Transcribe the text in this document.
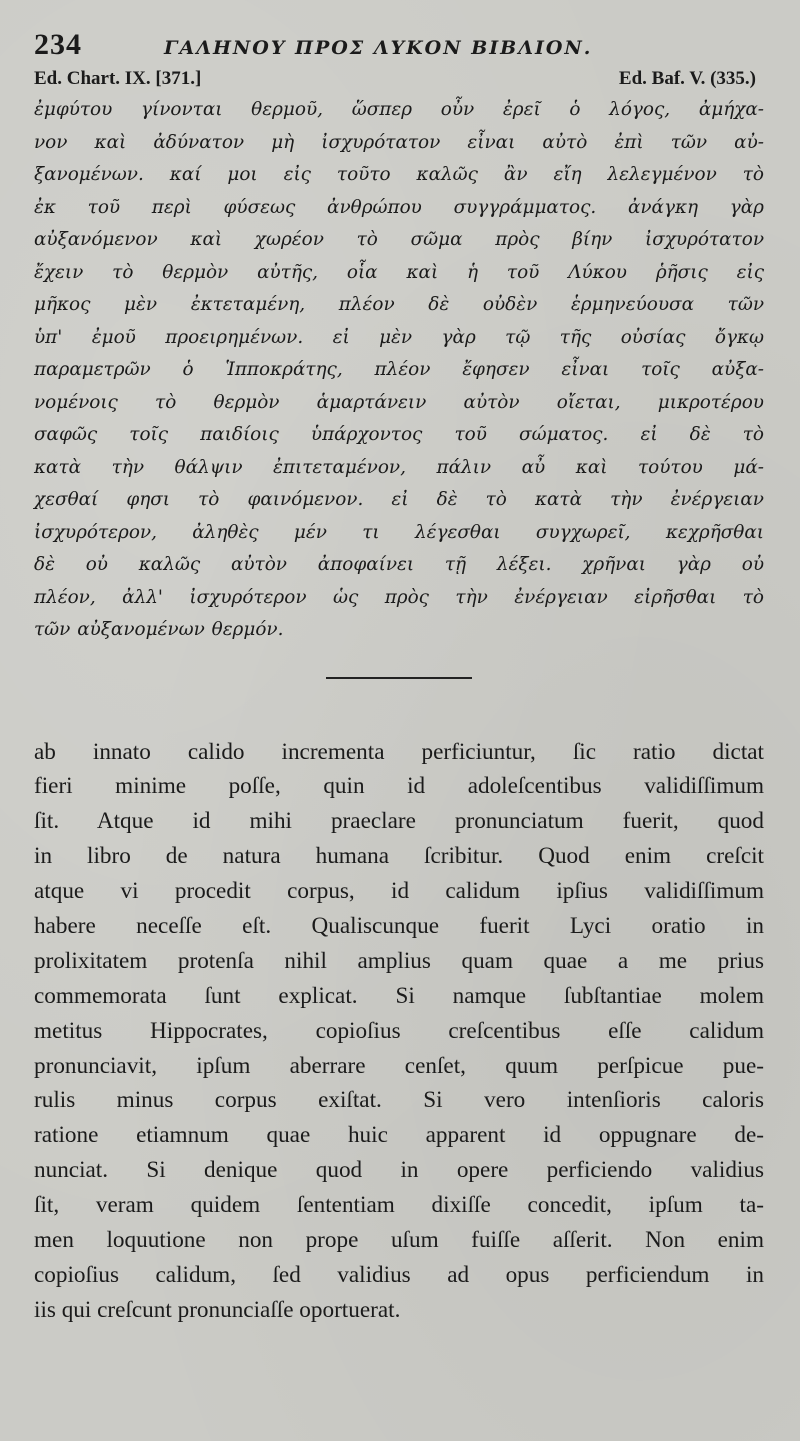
234	ΓΑΛΗΝΟΥ ΠΡΟΣ ΛΥΚΟΝ ΒΙΒΛΙΟΝ.
Ed. Chart. IX. [371.]	Ed. Baf. V. (335.)
ἐμφύτου γίνονται θερμοῦ, ὥσπερ οὖν ἐρεῖ ὁ λόγος, ἀμήχα-
νον καὶ ἀδύνατον μὴ ἰσχυρότατον εἶναι αὐτὸ ἐπὶ τῶν αὐ-
ξανομένων. καί μοι εἰς τοῦτο καλῶς ἂν εἴη λελεγμένον τὸ
ἐκ τοῦ περὶ φύσεως ἀνθρώπου συγγράμματος. ἀνάγκη γὰρ
αὐξανόμενον καὶ χωρέον τὸ σῶμα πρὸς βίην ἰσχυρότατον
ἔχειν τὸ θερμὸν αὐτῆς, οἷα καὶ ἡ τοῦ Λύκου ῥῆσις εἰς
μῆκος μὲν ἐκτεταμένη, πλέον δὲ οὐδὲν ἑρμηνεύουσα τῶν
ὑπ' ἐμοῦ προειρημένων. εἰ μὲν γὰρ τῷ τῆς οὐσίας ὄγκῳ
παραμετρῶν ὁ Ἱπποκράτης, πλέον ἔφησεν εἶναι τοῖς αὐξα-
νομένοις τὸ θερμὸν ἁμαρτάνειν αὐτὸν οἴεται, μικροτέρου
σαφῶς τοῖς παιδίοις ὑπάρχοντος τοῦ σώματος. εἰ δὲ τὸ
κατὰ τὴν θάλψιν ἐπιτεταμένον, πάλιν αὖ καὶ τούτου μά-
χεσθαί φησι τὸ φαινόμενον. εἰ δὲ τὸ κατὰ τὴν ἐνέργειαν
ἰσχυρότερον, ἀληθὲς μέν τι λέγεσθαι συγχωρεῖ, κεχρῆσθαι
δὲ οὐ καλῶς αὐτὸν ἀποφαίνει τῇ λέξει. χρῆναι γὰρ οὐ
πλέον, ἀλλ' ἰσχυρότερον ὡς πρὸς τὴν ἐνέργειαν εἰρῆσθαι τὸ
τῶν αὐξανομένων θερμόν.
ab innato calido incrementa perficiuntur, ſic ratio dictat
fieri minime poſſe, quin id adoleſcentibus validiſſimum
ſit. Atque id mihi praeclare pronunciatum fuerit, quod
in libro de natura humana ſcribitur. Quod enim creſcit
atque vi procedit corpus, id calidum ipſius validiſſimum
habere neceſſe eſt. Qualiscunque fuerit Lyci oratio in
prolixitatem protenſa nihil amplius quam quae a me prius
commemorata ſunt explicat. Si namque ſubſtantiae molem
metitus Hippocrates, copioſius creſcentibus eſſe calidum
pronunciavit, ipſum aberrare cenſet, quum perſpicue pue-
rulis minus corpus exiſtat. Si vero intenſioris caloris
ratione etiamnum quae huic apparent id oppugnare de-
nunciat. Si denique quod in opere perficiendo validius
ſit, veram quidem ſententiam dixiſſe concedit, ipſum ta-
men loquutione non prope uſum fuiſſe aſſerit. Non enim
copioſius calidum, ſed validius ad opus perficiendum in
iis qui creſcunt pronunciaſſe oportuerat.
